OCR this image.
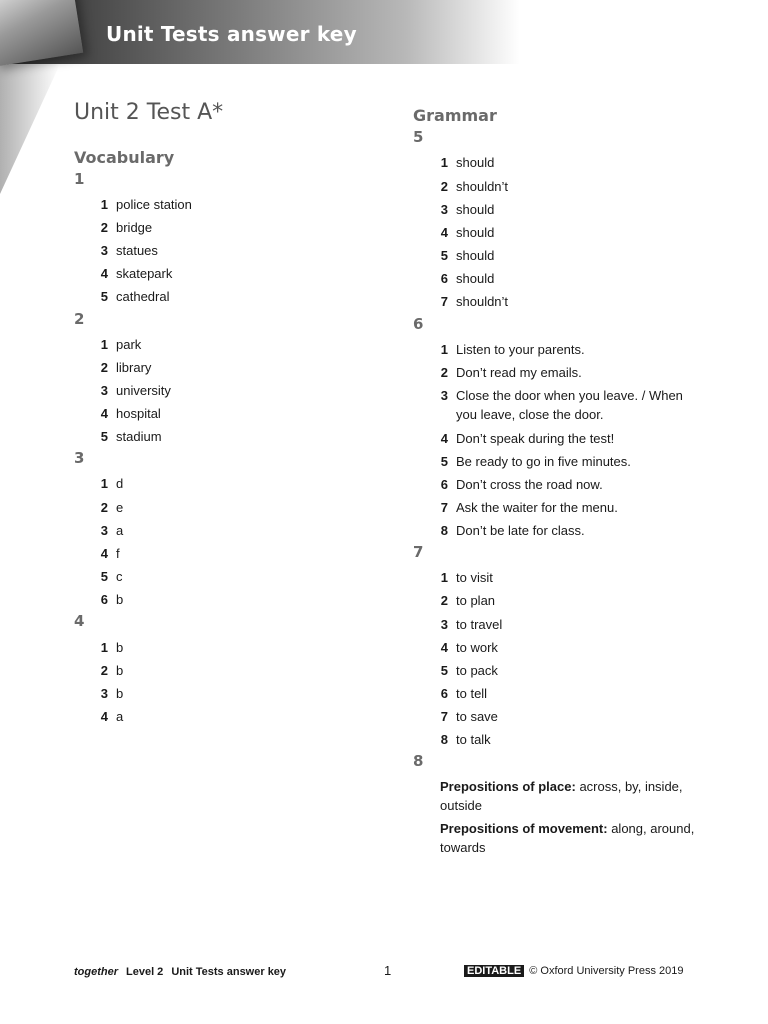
Unit Tests answer key
Unit 2 Test A*
Vocabulary
1
1 police station
2 bridge
3 statues
4 skatepark
5 cathedral
2
1 park
2 library
3 university
4 hospital
5 stadium
3
1 d
2 e
3 a
4 f
5 c
6 b
4
1 b
2 b
3 b
4 a
Grammar
5
1 should
2 shouldn’t
3 should
4 should
5 should
6 should
7 shouldn’t
6
1 Listen to your parents.
2 Don’t read my emails.
3 Close the door when you leave. / When you leave, close the door.
4 Don’t speak during the test!
5 Be ready to go in five minutes.
6 Don’t cross the road now.
7 Ask the waiter for the menu.
8 Don’t be late for class.
7
1 to visit
2 to plan
3 to travel
4 to work
5 to pack
6 to tell
7 to save
8 to talk
8
Prepositions of place: across, by, inside, outside
Prepositions of movement: along, around, towards
together Level 2 Unit Tests answer key	1	EDITABLE © Oxford University Press 2019
